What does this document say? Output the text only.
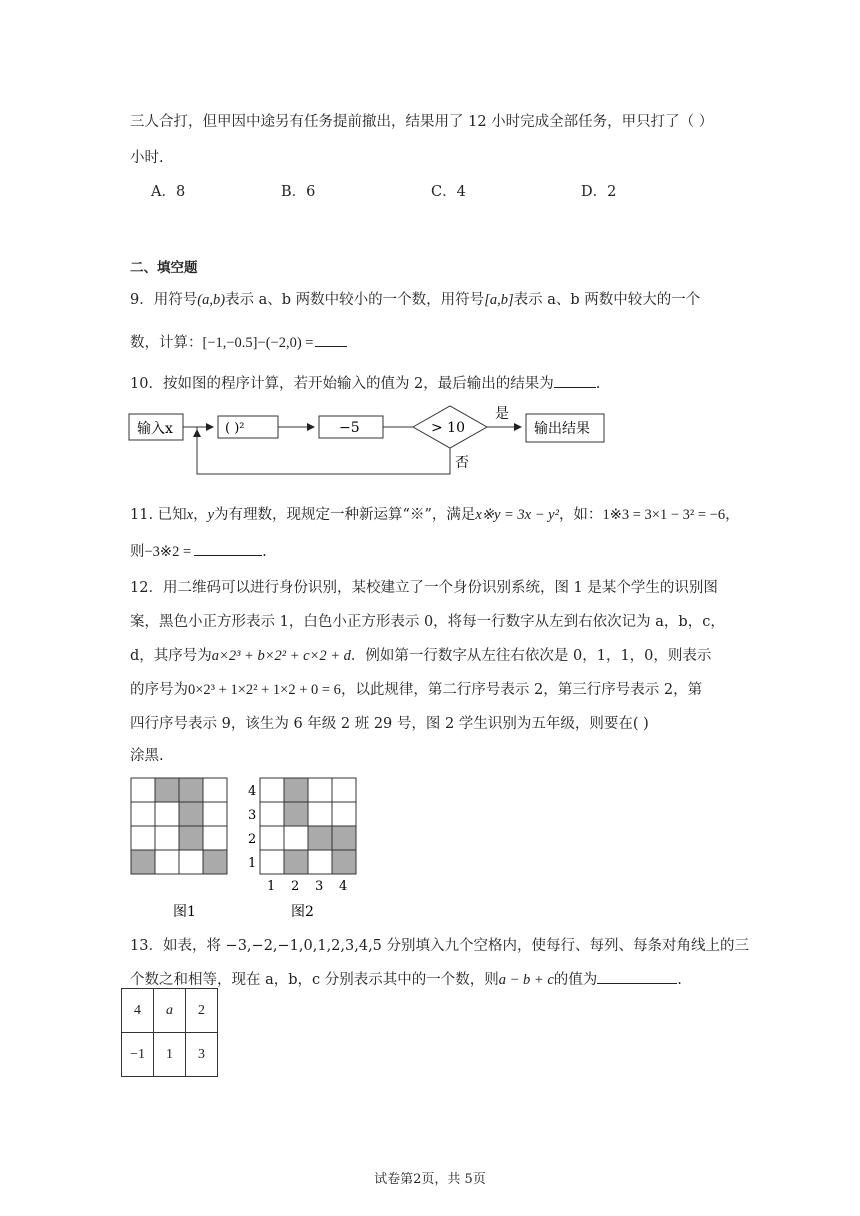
三人合打，但甲因中途另有任务提前撤出，结果用了 12 小时完成全部任务，甲只打了（ ）
小时.
A．8	B．6	C．4	D．2
二、填空题
9．用符号(a,b)表示 a、b 两数中较小的一个数，用符号[a,b]表示 a、b 两数中较大的一个
数，计算：[−1,−0.5]−(−2,0) =
10．按如图的程序计算，若开始输入的值为 2，最后输出的结果为	.
输入x	( )²	−5	> 10
是
输出结果
否
11. 已知x，y为有理数，现规定一种新运算“※”，满足x※y = 3x − y²，如：1※3 = 3×1 − 3² = −6，
则−3※2 =	.
12．用二维码可以进行身份识别，某校建立了一个身份识别系统，图 1 是某个学生的识别图
案，黑色小正方形表示 1，白色小正方形表示 0，将每一行数字从左到右依次记为 a，b，c，
d，其序号为a×2³ + b×2² + c×2 + d．例如第一行数字从左往右依次是 0，1，1，0，则表示
的序号为0×2³ + 1×2² + 1×2 + 0 = 6，以此规律，第二行序号表示 2，第三行序号表示 2，第
四行序号表示 9，该生为 6 年级 2 班 29 号，图 2 学生识别为五年级，则要在( )
涂黑.
4
3
2
1
1 2 3 4
图1	图2
13．如表，将 −3,−2,−1,0,1,2,3,4,5 分别填入九个空格内，使每行、每列、每条对角线上的三
个数之和相等，现在 a，b，c 分别表示其中的一个数，则a − b + c的值为	.
4	a	2
−1	1	3
试卷第2页，共 5页
